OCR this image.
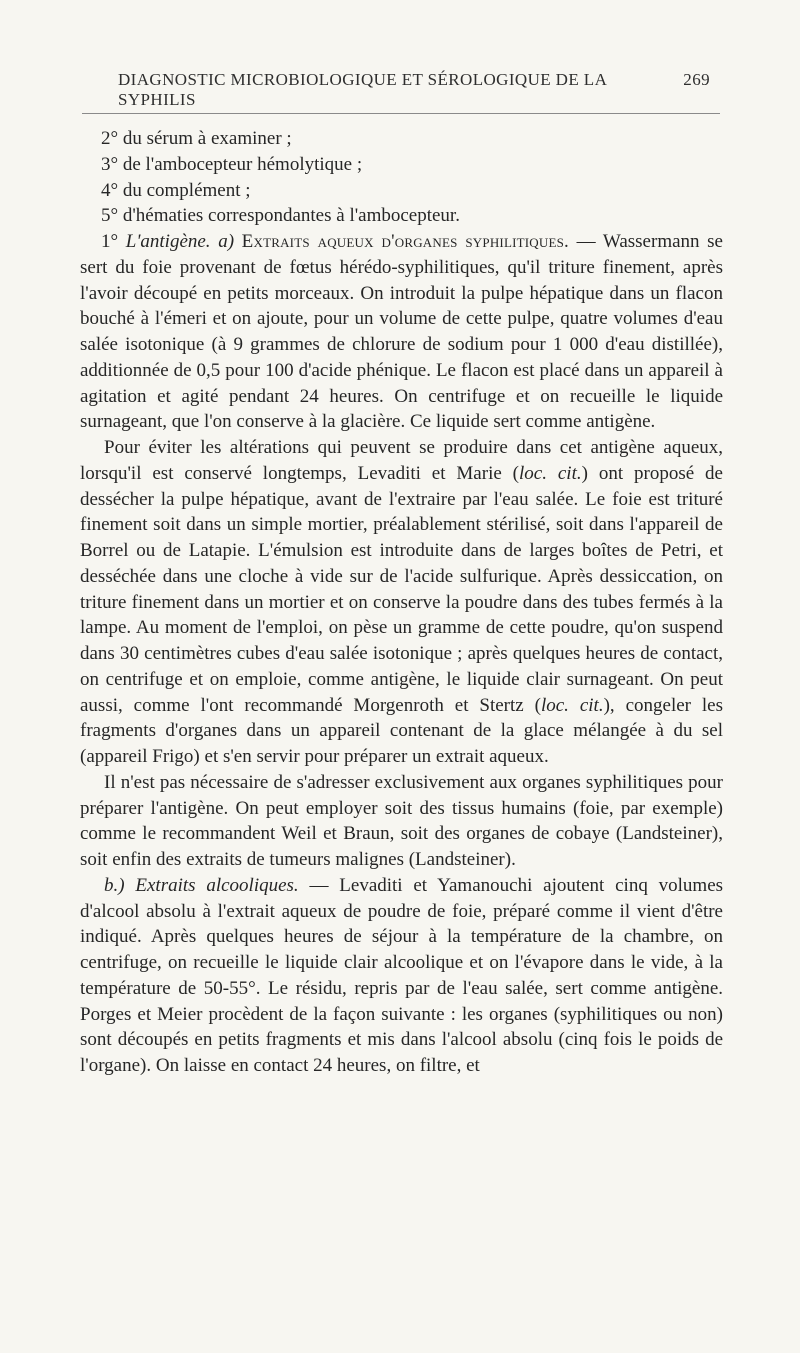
DIAGNOSTIC MICROBIOLOGIQUE ET SÉROLOGIQUE DE LA SYPHILIS
269

2° du sérum à examiner ;

3° de l'ambocepteur hémolytique ;

4° du complément ;

5° d'hématies correspondantes à l'ambocepteur.

1° L'antigène. a) Extraits aqueux d'organes syphilitiques. — Wassermann se sert du foie provenant de fœtus hérédo-syphilitiques, qu'il triture finement, après l'avoir découpé en petits morceaux. On introduit la pulpe hépatique dans un flacon bouché à l'émeri et on ajoute, pour un volume de cette pulpe, quatre volumes d'eau salée isotonique (à 9 grammes de chlorure de sodium pour 1 000 d'eau distillée), additionnée de 0,5 pour 100 d'acide phénique. Le flacon est placé dans un appareil à agitation et agité pendant 24 heures. On centrifuge et on recueille le liquide surnageant, que l'on conserve à la glacière. Ce liquide sert comme antigène.

Pour éviter les altérations qui peuvent se produire dans cet antigène aqueux, lorsqu'il est conservé longtemps, Levaditi et Marie (loc. cit.) ont proposé de dessécher la pulpe hépatique, avant de l'extraire par l'eau salée. Le foie est trituré finement soit dans un simple mortier, préalablement stérilisé, soit dans l'appareil de Borrel ou de Latapie. L'émulsion est introduite dans de larges boîtes de Petri, et desséchée dans une cloche à vide sur de l'acide sulfurique. Après dessiccation, on triture finement dans un mortier et on conserve la poudre dans des tubes fermés à la lampe. Au moment de l'emploi, on pèse un gramme de cette poudre, qu'on suspend dans 30 centimètres cubes d'eau salée isotonique ; après quelques heures de contact, on centrifuge et on emploie, comme antigène, le liquide clair surnageant. On peut aussi, comme l'ont recommandé Morgenroth et Stertz (loc. cit.), congeler les fragments d'organes dans un appareil contenant de la glace mélangée à du sel (appareil Frigo) et s'en servir pour préparer un extrait aqueux.

Il n'est pas nécessaire de s'adresser exclusivement aux organes syphilitiques pour préparer l'antigène. On peut employer soit des tissus humains (foie, par exemple) comme le recommandent Weil et Braun, soit des organes de cobaye (Landsteiner), soit enfin des extraits de tumeurs malignes (Landsteiner).

b.) Extraits alcooliques. — Levaditi et Yamanouchi ajoutent cinq volumes d'alcool absolu à l'extrait aqueux de poudre de foie, préparé comme il vient d'être indiqué. Après quelques heures de séjour à la température de la chambre, on centrifuge, on recueille le liquide clair alcoolique et on l'évapore dans le vide, à la température de 50-55°. Le résidu, repris par de l'eau salée, sert comme antigène. Porges et Meier procèdent de la façon suivante : les organes (syphilitiques ou non) sont découpés en petits fragments et mis dans l'alcool absolu (cinq fois le poids de l'organe). On laisse en contact 24 heures, on filtre, et
